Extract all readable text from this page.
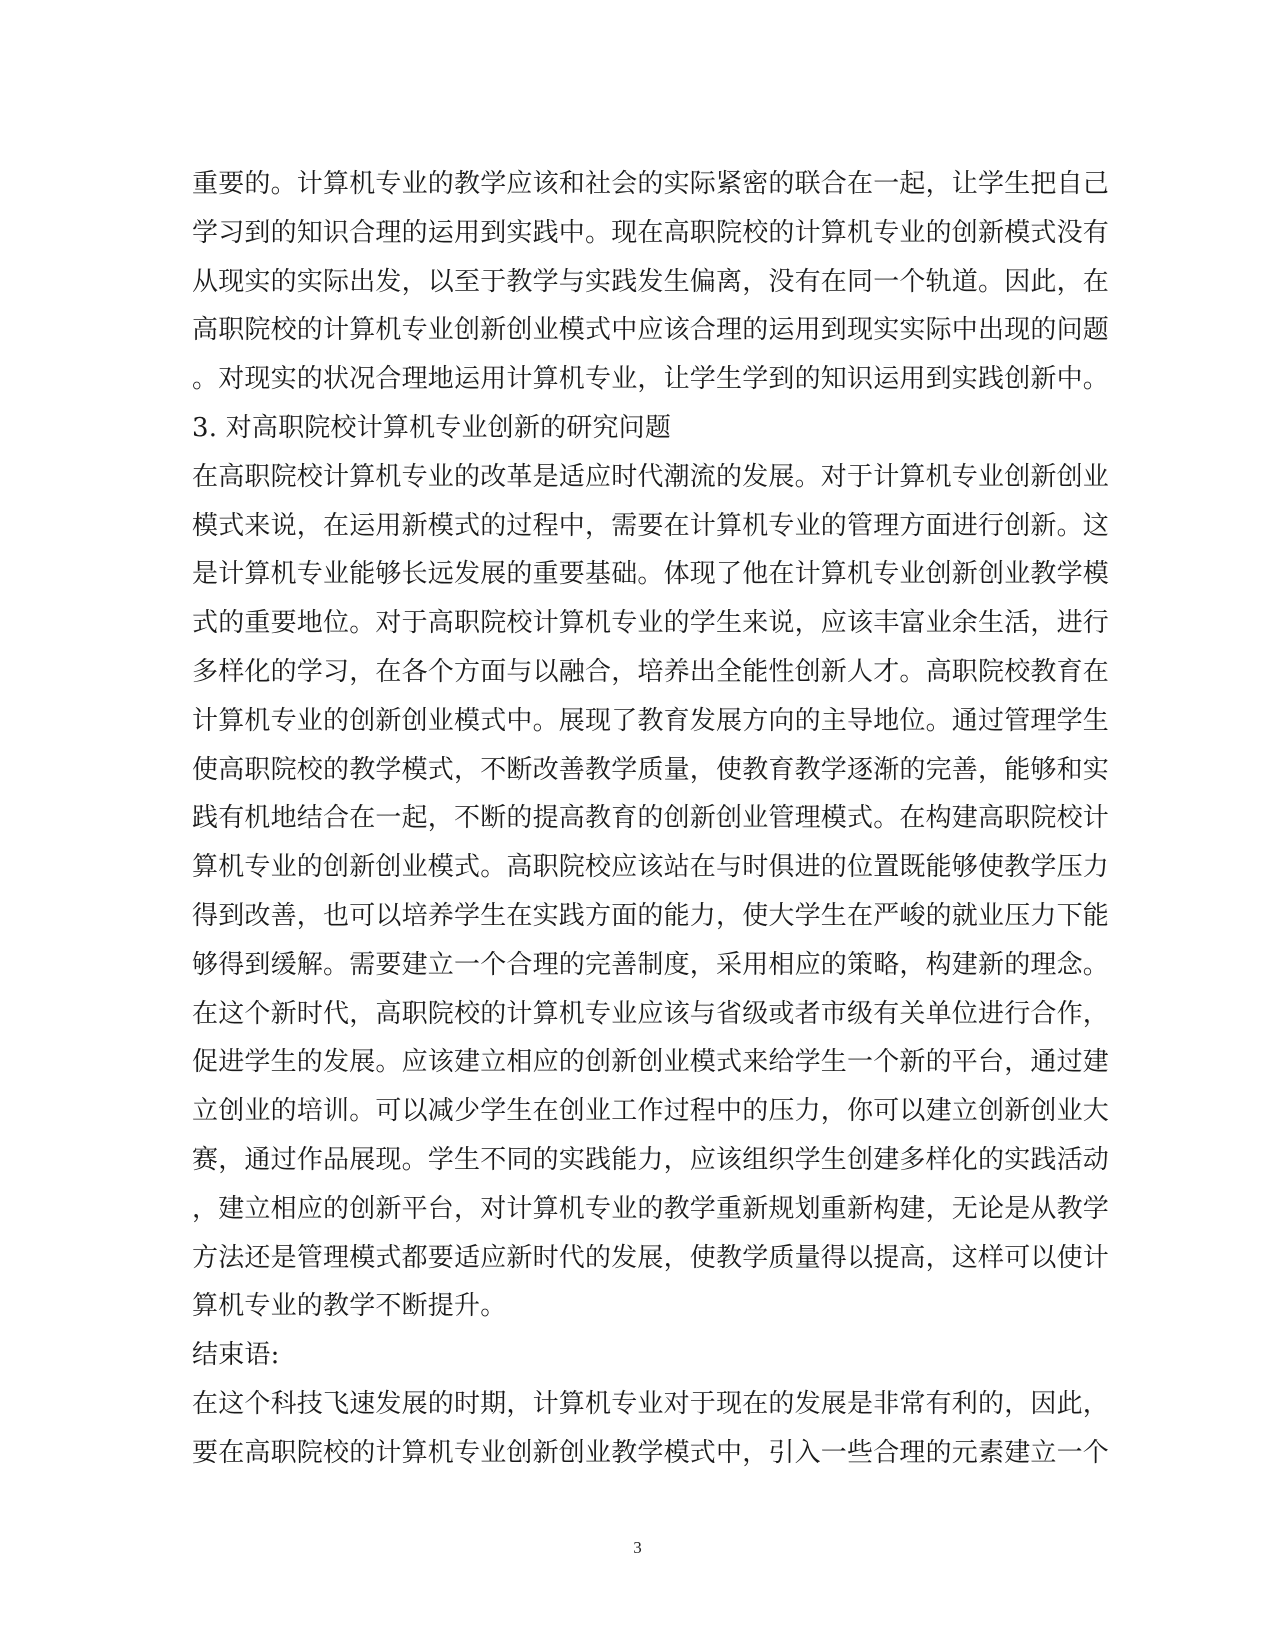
重要的。计算机专业的教学应该和社会的实际紧密的联合在一起，让学生把自己
学习到的知识合理的运用到实践中。现在高职院校的计算机专业的创新模式没有
从现实的实际出发，以至于教学与实践发生偏离，没有在同一个轨道。因此，在
高职院校的计算机专业创新创业模式中应该合理的运用到现实实际中出现的问题
。对现实的状况合理地运用计算机专业，让学生学到的知识运用到实践创新中。
3. 对高职院校计算机专业创新的研究问题
在高职院校计算机专业的改革是适应时代潮流的发展。对于计算机专业创新创业
模式来说，在运用新模式的过程中，需要在计算机专业的管理方面进行创新。这
是计算机专业能够长远发展的重要基础。体现了他在计算机专业创新创业教学模
式的重要地位。对于高职院校计算机专业的学生来说，应该丰富业余生活，进行
多样化的学习，在各个方面与以融合，培养出全能性创新人才。高职院校教育在
计算机专业的创新创业模式中。展现了教育发展方向的主导地位。通过管理学生
使高职院校的教学模式，不断改善教学质量，使教育教学逐渐的完善，能够和实
践有机地结合在一起，不断的提高教育的创新创业管理模式。在构建高职院校计
算机专业的创新创业模式。高职院校应该站在与时俱进的位置既能够使教学压力
得到改善，也可以培养学生在实践方面的能力，使大学生在严峻的就业压力下能
够得到缓解。需要建立一个合理的完善制度，采用相应的策略，构建新的理念。
在这个新时代，高职院校的计算机专业应该与省级或者市级有关单位进行合作，
促进学生的发展。应该建立相应的创新创业模式来给学生一个新的平台，通过建
立创业的培训。可以减少学生在创业工作过程中的压力，你可以建立创新创业大
赛，通过作品展现。学生不同的实践能力，应该组织学生创建多样化的实践活动
，建立相应的创新平台，对计算机专业的教学重新规划重新构建，无论是从教学
方法还是管理模式都要适应新时代的发展，使教学质量得以提高，这样可以使计
算机专业的教学不断提升。
结束语:
在这个科技飞速发展的时期，计算机专业对于现在的发展是非常有利的，因此，
要在高职院校的计算机专业创新创业教学模式中，引入一些合理的元素建立一个
3
